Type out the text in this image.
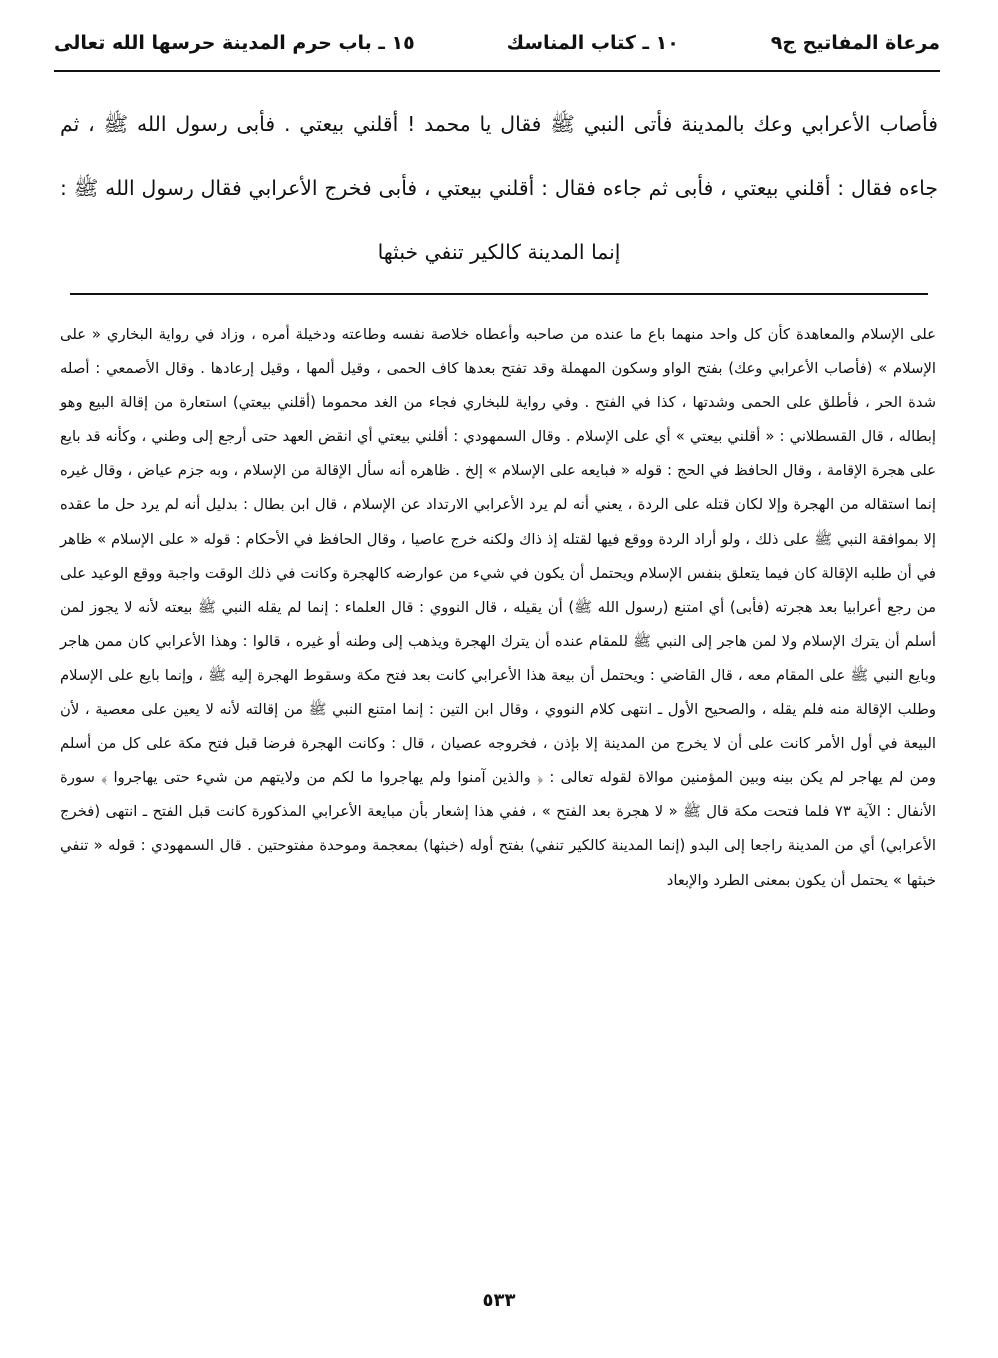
مرعاة المفاتيح ج٩
١٠ ـ كتاب المناسك
١٥ ـ باب حرم المدينة حرسها الله تعالى
فأصاب الأعرابي وعك بالمدينة فأتى النبي ﷺ فقال يا محمد ! أقلني بيعتي . فأبى رسول الله ﷺ ، ثم جاءه فقال : أقلني بيعتي ، فأبى ثم جاءه فقال : أقلني بيعتي ، فأبى فخرج الأعرابي فقال رسول الله ﷺ : إنما المدينة كالكير تنفي خبثها
على الإسلام والمعاهدة كأن كل واحد منهما باع ما عنده من صاحبه وأعطاه خلاصة نفسه وطاعته ودخيلة أمره ، وزاد في رواية البخاري « على الإسلام » (فأصاب الأعرابي وعك) بفتح الواو وسكون المهملة وقد تفتح بعدها كاف الحمى ، وقيل ألمها ، وقيل إرعادها . وقال الأصمعي : أصله شدة الحر ، فأطلق على الحمى وشدتها ، كذا في الفتح . وفي رواية للبخاري فجاء من الغد محموما (أقلني بيعتي) استعارة من إقالة البيع وهو إبطاله ، قال القسطلاني : « أقلني بيعتي » أي على الإسلام . وقال السمهودي : أقلني بيعتي أي انقض العهد حتى أرجع إلى وطني ، وكأنه قد بايع على هجرة الإقامة ، وقال الحافظ في الحج : قوله « فبايعه على الإسلام » إلخ . ظاهره أنه سأل الإقالة من الإسلام ، وبه جزم عياض ، وقال غيره إنما استقاله من الهجرة وإلا لكان قتله على الردة ، يعني أنه لم يرد الأعرابي الارتداد عن الإسلام ، قال ابن بطال : بدليل أنه لم يرد حل ما عقده إلا بموافقة النبي ﷺ على ذلك ، ولو أراد الردة ووقع فيها لقتله إذ ذاك ولكنه خرج عاصيا ، وقال الحافظ في الأحكام : قوله « على الإسلام » ظاهر في أن طلبه الإقالة كان فيما يتعلق بنفس الإسلام ويحتمل أن يكون في شيء من عوارضه كالهجرة وكانت في ذلك الوقت واجبة ووقع الوعيد على من رجع أعرابيا بعد هجرته (فأبى) أي امتنع (رسول الله ﷺ) أن يقيله ، قال النووي : قال العلماء : إنما لم يقله النبي ﷺ بيعته لأنه لا يجوز لمن أسلم أن يترك الإسلام ولا لمن هاجر إلى النبي ﷺ للمقام عنده أن يترك الهجرة ويذهب إلى وطنه أو غيره ، قالوا : وهذا الأعرابي كان ممن هاجر وبايع النبي ﷺ على المقام معه ، قال القاضي : ويحتمل أن بيعة هذا الأعرابي كانت بعد فتح مكة وسقوط الهجرة إليه ﷺ ، وإنما بايع على الإسلام وطلب الإقالة منه فلم يقله ، والصحيح الأول ـ انتهى كلام النووي ، وقال ابن التين : إنما امتنع النبي ﷺ من إقالته لأنه لا يعين على معصية ، لأن البيعة في أول الأمر كانت على أن لا يخرج من المدينة إلا بإذن ، فخروجه عصيان ، قال : وكانت الهجرة فرضا قبل فتح مكة على كل من أسلم ومن لم يهاجر لم يكن بينه وبين المؤمنين موالاة لقوله تعالى : ﴿ والذين آمنوا ولم يهاجروا ما لكم من ولايتهم من شيء حتى يهاجروا ﴾ سورة الأنفال : الآية ٧٣ فلما فتحت مكة قال ﷺ « لا هجرة بعد الفتح » ، ففي هذا إشعار بأن مبايعة الأعرابي المذكورة كانت قبل الفتح ـ انتهى (فخرج الأعرابي) أي من المدينة راجعا إلى البدو (إنما المدينة كالكير تنفي) بفتح أوله (خبثها) بمعجمة وموحدة مفتوحتين . قال السمهودي : قوله « تنفي خبثها » يحتمل أن يكون بمعنى الطرد والإبعاد
٥٣٣
